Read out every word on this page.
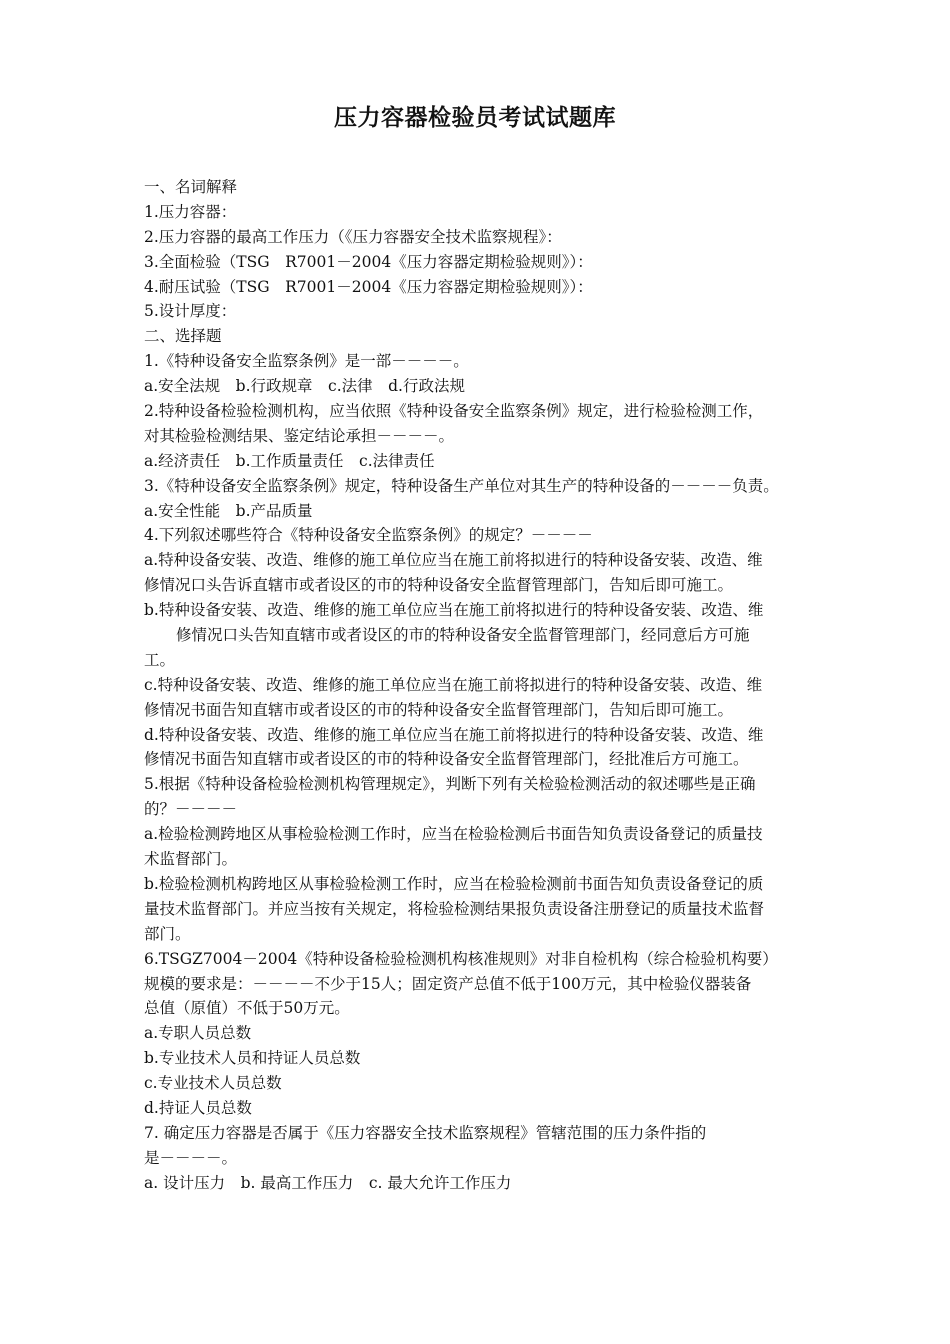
压力容器检验员考试试题库
一、名词解释
1.压力容器：
2.压力容器的最高工作压力（《压力容器安全技术监察规程》：
3.全面检验（TSG　R7001－2004《压力容器定期检验规则》）：
4.耐压试验（TSG　R7001－2004《压力容器定期检验规则》）：
5.设计厚度：
二、选择题
1.《特种设备安全监察条例》是一部－－－－。
a.安全法规　b.行政规章　c.法律　d.行政法规
2.特种设备检验检测机构，应当依照《特种设备安全监察条例》规定，进行检验检测工作，
对其检验检测结果、鉴定结论承担－－－－。
a.经济责任　b.工作质量责任　c.法律责任
3.《特种设备安全监察条例》规定，特种设备生产单位对其生产的特种设备的－－－－负责。
a.安全性能　b.产品质量
4.下列叙述哪些符合《特种设备安全监察条例》的规定？－－－－
a.特种设备安装、改造、维修的施工单位应当在施工前将拟进行的特种设备安装、改造、维
修情况口头告诉直辖市或者设区的市的特种设备安全监督管理部门，告知后即可施工。
b.特种设备安装、改造、维修的施工单位应当在施工前将拟进行的特种设备安装、改造、维
修情况口头告知直辖市或者设区的市的特种设备安全监督管理部门，经同意后方可施
工。
c.特种设备安装、改造、维修的施工单位应当在施工前将拟进行的特种设备安装、改造、维
修情况书面告知直辖市或者设区的市的特种设备安全监督管理部门，告知后即可施工。
d.特种设备安装、改造、维修的施工单位应当在施工前将拟进行的特种设备安装、改造、维
修情况书面告知直辖市或者设区的市的特种设备安全监督管理部门，经批准后方可施工。
5.根据《特种设备检验检测机构管理规定》，判断下列有关检验检测活动的叙述哪些是正确
的？－－－－
a.检验检测跨地区从事检验检测工作时，应当在检验检测后书面告知负责设备登记的质量技
术监督部门。
b.检验检测机构跨地区从事检验检测工作时，应当在检验检测前书面告知负责设备登记的质
量技术监督部门。并应当按有关规定，将检验检测结果报负责设备注册登记的质量技术监督
部门。
6.TSGZ7004－2004《特种设备检验检测机构核准规则》对非自检机构（综合检验机构要）
规模的要求是：－－－－不少于15人；固定资产总值不低于100万元，其中检验仪器装备
总值（原值）不低于50万元。
a.专职人员总数
b.专业技术人员和持证人员总数
c.专业技术人员总数
d.持证人员总数
7. 确定压力容器是否属于《压力容器安全技术监察规程》管辖范围的压力条件指的
是－－－－。
a. 设计压力　b. 最高工作压力　c. 最大允许工作压力
